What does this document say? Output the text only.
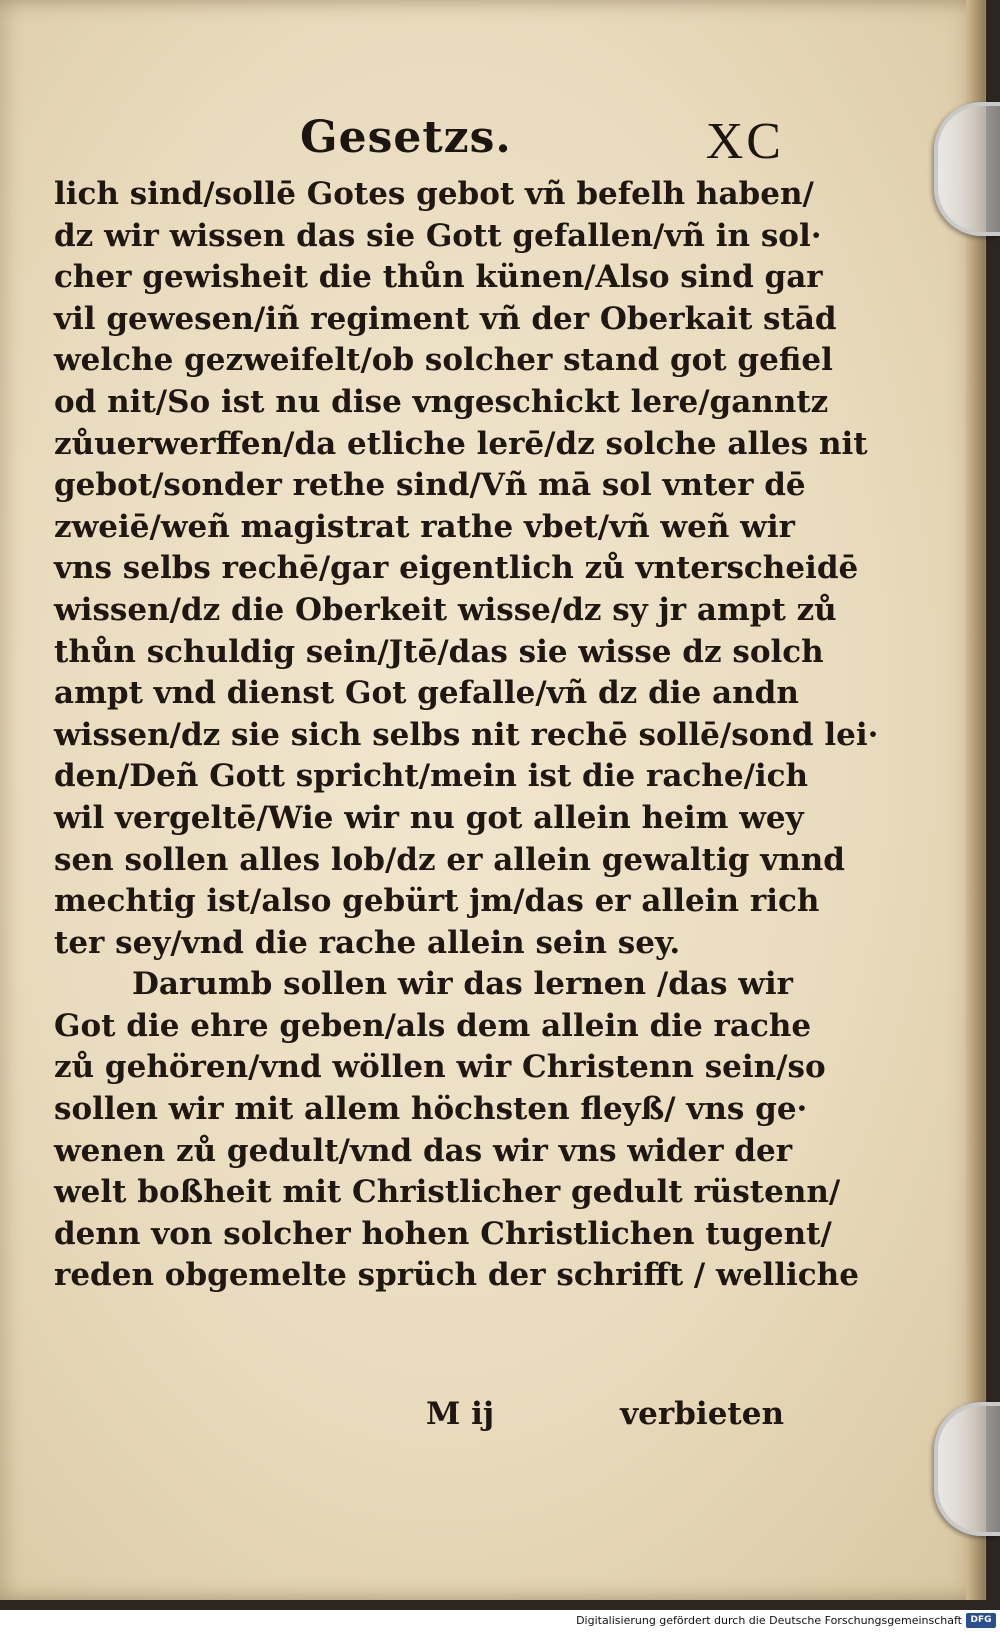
Gesetzs.	XC
lich sind/sollē Gotes gebot vñ befelh haben/
dz wir wissen das sie Gott gefallen/vñ in sol·
cher gewisheit die thůn künen/Also sind gar
vil gewesen/iñ regiment vñ der Oberkait stād
welche gezweifelt/ob solcher stand got gefiel
od nit/So ist nu dise vngeschickt lere/ganntz
zůuerwerffen/da etliche lerē/dz solche alles nit
gebot/sonder rethe sind/Vñ mā sol vnter dē
zweiē/weñ magistrat rathe vbet/vñ weñ wir
vns selbs rechē/gar eigentlich zů vnterscheidē
wissen/dz die Oberkeit wisse/dz sy jr ampt zů
thůn schuldig sein/Jtē/das sie wisse dz solch
ampt vnd dienst Got gefalle/vñ dz die andn
wissen/dz sie sich selbs nit rechē sollē/sond lei·
den/Deñ Gott spricht/mein ist die rache/ich
wil vergeltē/Wie wir nu got allein heim wey
sen sollen alles lob/dz er allein gewaltig vnnd
mechtig ist/also gebürt jm/das er allein rich
ter sey/vnd die rache allein sein sey.
Darumb sollen wir das lernen /das wir
Got die ehre geben/als dem allein die rache
zů gehören/vnd wöllen wir Christenn sein/so
sollen wir mit allem höchsten fleyß/ vns ge·
wenen zů gedult/vnd das wir vns wider der
welt boßheit mit Christlicher gedult rüstenn/
denn von solcher hohen Christlichen tugent/
reden obgemelte sprüch der schrifft / welliche
M ij	verbieten
Digitalisierung gefördert durch die Deutsche Forschungsgemeinschaft DFG
